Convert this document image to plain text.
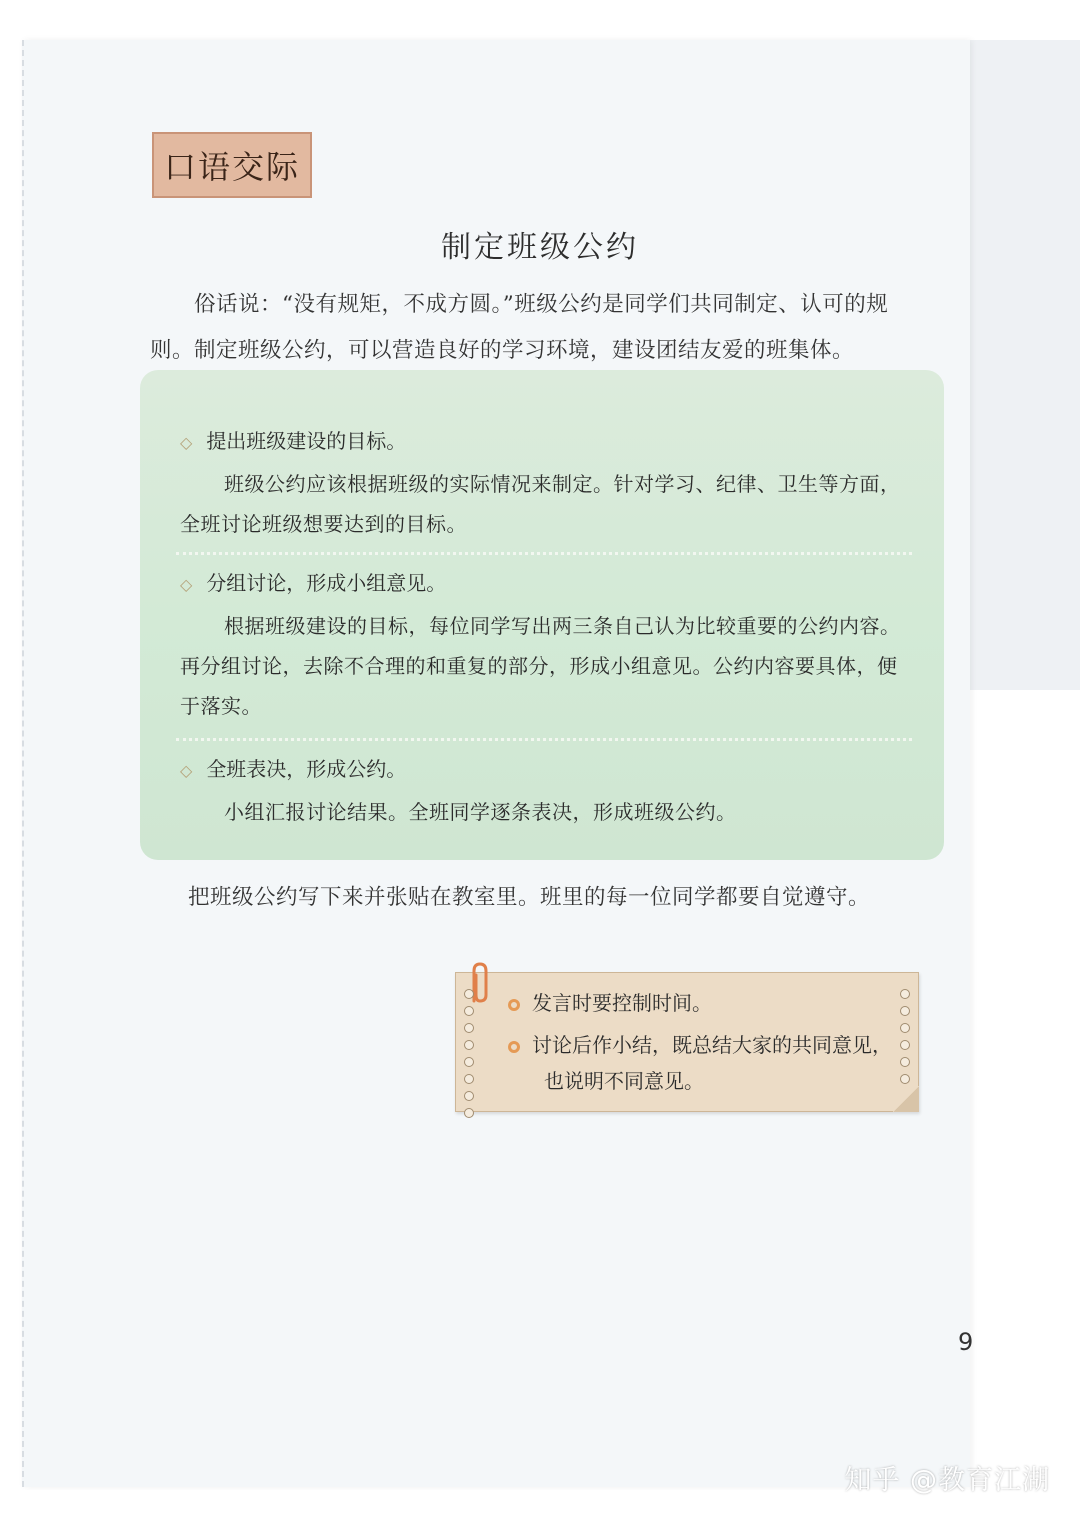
口语交际
制定班级公约
俗话说：“没有规矩，不成方圆。”班级公约是同学们共同制定、认可的规则。制定班级公约，可以营造良好的学习环境，建设团结友爱的班集体。
◇ 提出班级建设的目标。
班级公约应该根据班级的实际情况来制定。针对学习、纪律、卫生等方面，全班讨论班级想要达到的目标。
◇ 分组讨论，形成小组意见。
根据班级建设的目标，每位同学写出两三条自己认为比较重要的公约内容。再分组讨论，去除不合理的和重复的部分，形成小组意见。公约内容要具体，便于落实。
◇ 全班表决，形成公约。
小组汇报讨论结果。全班同学逐条表决，形成班级公约。
把班级公约写下来并张贴在教室里。班里的每一位同学都要自觉遵守。
发言时要控制时间。
讨论后作小结，既总结大家的共同意见，也说明不同意见。
9
知乎 @教育江湖
